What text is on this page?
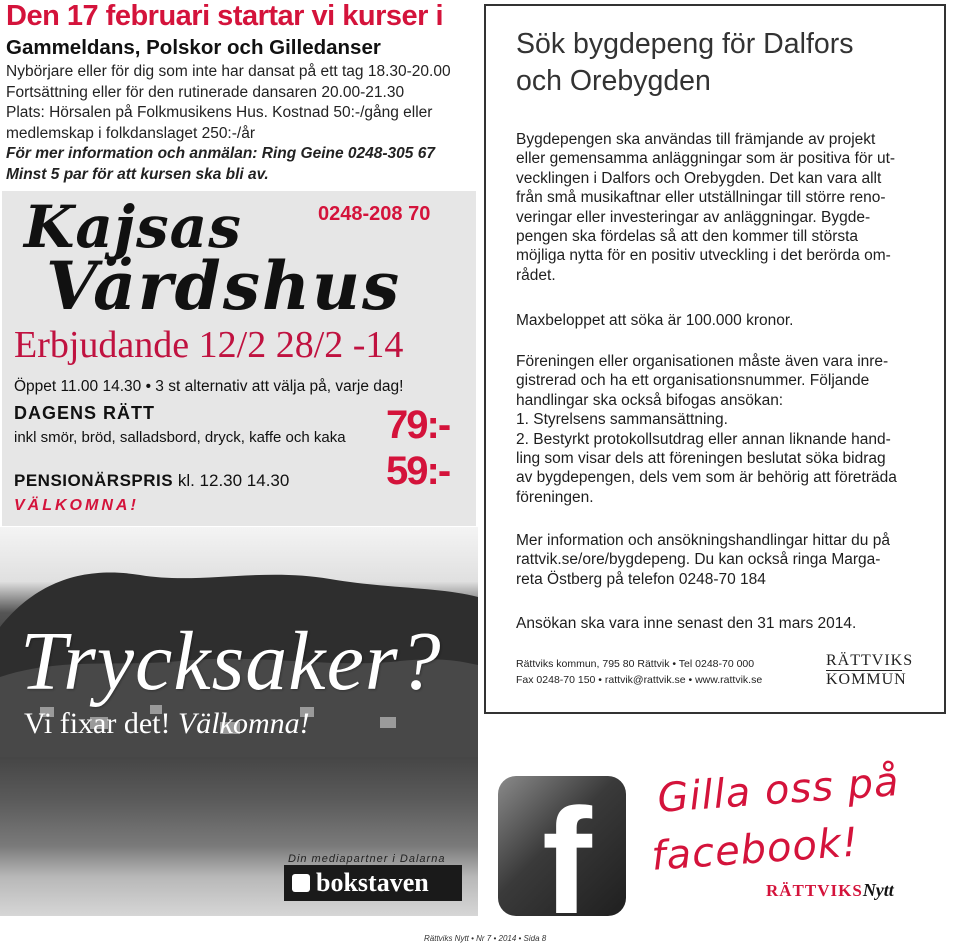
Den 17 februari startar vi kurser i
Gammeldans, Polskor och Gilledanser
Nybörjare eller för dig som inte har dansat på ett tag 18.30-20.00
Fortsättning eller för den rutinerade dansaren 20.00-21.30
Plats: Hörsalen på Folkmusikens Hus. Kostnad 50:-/gång eller
medlemskap i folkdanslaget 250:-/år
För mer information och anmälan: Ring Geine 0248-305 67
Minst 5 par för att kursen ska bli av.
Kajsas
Värdshus
0248-208 70
Erbjudande 12/2 28/2 -14
Öppet 11.00 14.30 • 3 st alternativ att välja på, varje dag!
DAGENS RÄTT
inkl smör, bröd, salladsbord, dryck, kaffe och kaka 79:-
PENSIONÄRSPRIS kl. 12.30 14.30 59:-
VÄLKOMNA!
Trycksaker?
Vi fixar det! Välkomna!
Din mediapartner i Dalarna
bokstaven
Sök bygdepeng för Dalfors
och Orebygden
Bygdepengen ska användas till främjande av projekt
eller gemensamma anläggningar som är positiva för ut-
vecklingen i Dalfors och Orebygden. Det kan vara allt
från små musikaftnar eller utställningar till större reno-
veringar eller investeringar av anläggningar. Bygde-
pengen ska fördelas så att den kommer till största
möjliga nytta för en positiv utveckling i det berörda om-
rådet.
Maxbeloppet att söka är 100.000 kronor.
Föreningen eller organisationen måste även vara inre-
gistrerad och ha ett organisationsnummer. Följande
handlingar ska också bifogas ansökan:
1. Styrelsens sammansättning.
2. Bestyrkt protokollsutdrag eller annan liknande hand-
ling som visar dels att föreningen beslutat söka bidrag
av bygdepengen, dels vem som är behörig att företräda
föreningen.
Mer information och ansökningshandlingar hittar du på
rattvik.se/ore/bygdepeng. Du kan också ringa Marga-
reta Östberg på telefon 0248-70 184
Ansökan ska vara inne senast den 31 mars 2014.
Rättviks kommun, 795 80 Rättvik • Tel 0248-70 000
Fax 0248-70 150 • rattvik@rattvik.se • www.rattvik.se
RÄTTVIKS
KOMMUN
f Gilla oss på
facebook!
RÄTTVIKSNytt
Rättviks Nytt • Nr 7 • 2014 • Sida 8
